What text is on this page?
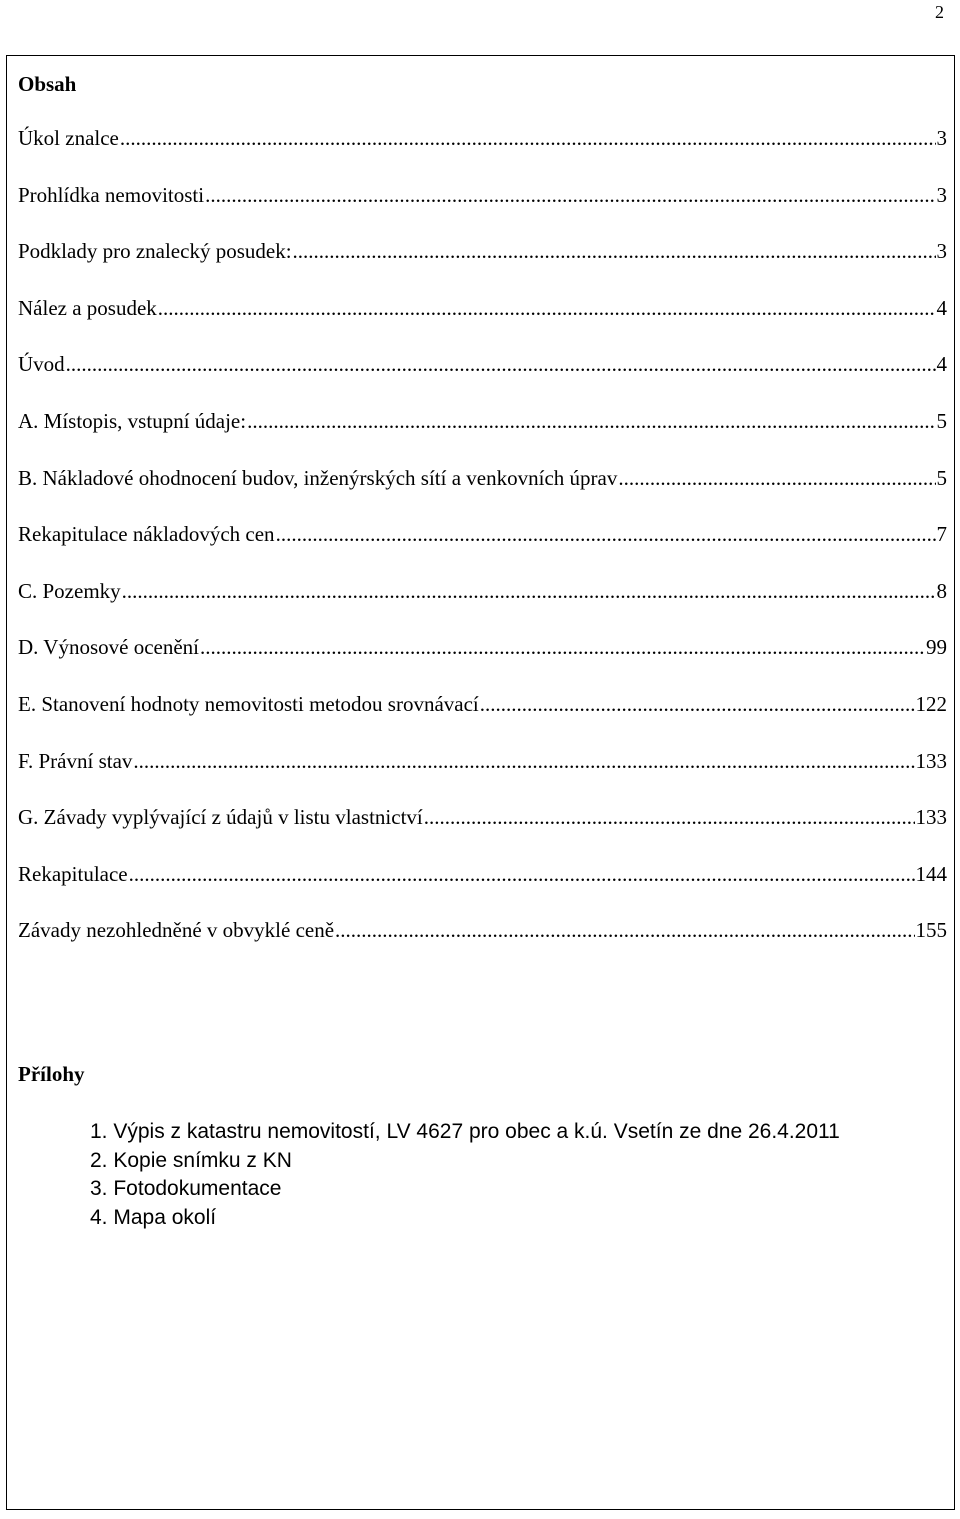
2
Obsah
Úkol znalce .....	3
Prohlídka nemovitosti .....	3
Podklady pro znalecký posudek: .....	3
Nález a posudek .....	4
Úvod .....	4
A. Místopis, vstupní údaje: .....	5
B. Nákladové ohodnocení budov, inženýrských sítí a venkovních úprav .....	5
Rekapitulace nákladových cen .....	7
C. Pozemky .....	8
D. Výnosové ocenění .....	99
E. Stanovení hodnoty nemovitosti metodou srovnávací .....	122
F. Právní stav .....	133
G. Závady vyplývající z údajů v listu vlastnictví .....	133
Rekapitulace .....	144
Závady nezohledněné v obvyklé ceně .....	155
Přílohy
1. Výpis z katastru nemovitostí, LV 4627 pro obec a k.ú. Vsetín ze dne 26.4.2011
2. Kopie snímku z KN
3. Fotodokumentace
4. Mapa okolí
